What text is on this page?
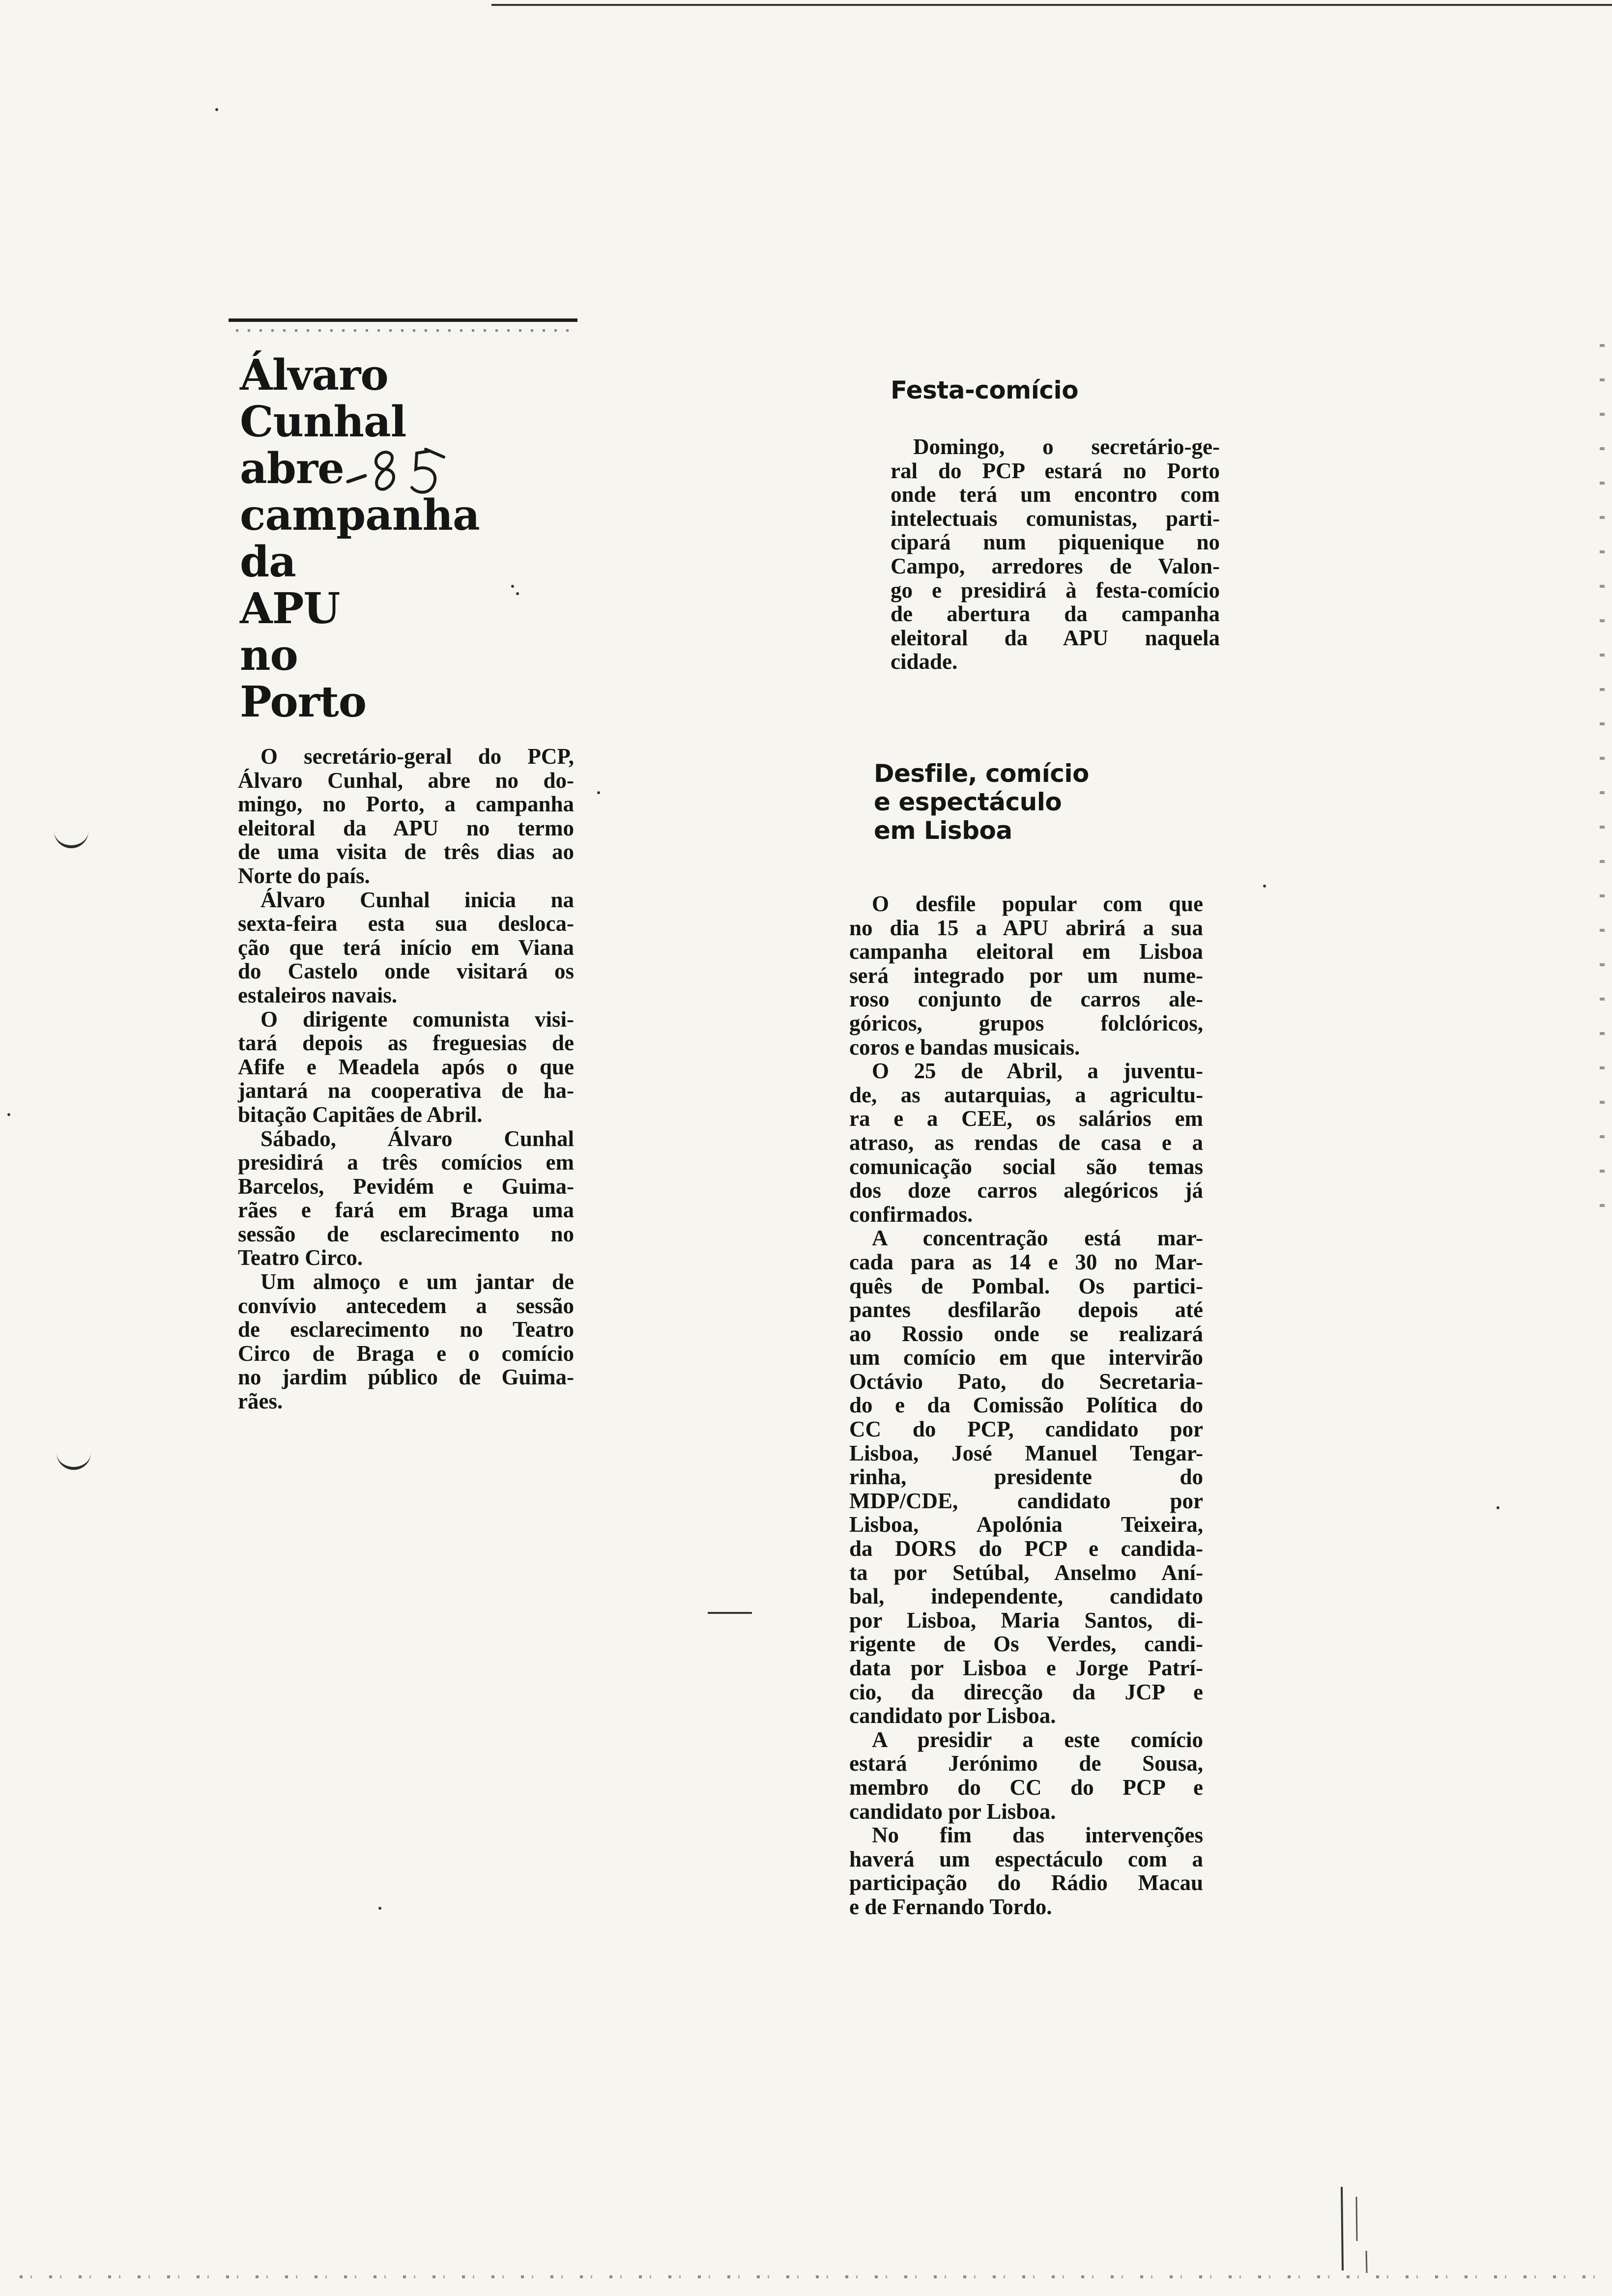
Álvaro
Cunhal
abre
campanha
da
APU
no
Porto
O secretário-geral do PCP,
Álvaro Cunhal, abre no do-
mingo, no Porto, a campanha
eleitoral da APU no termo
de uma visita de três dias ao
Norte do país.
Álvaro Cunhal inicia na
sexta-feira esta sua desloca-
ção que terá início em Viana
do Castelo onde visitará os
estaleiros navais.
O dirigente comunista visi-
tará depois as freguesias de
Afife e Meadela após o que
jantará na cooperativa de ha-
bitação Capitães de Abril.
Sábado, Álvaro Cunhal
presidirá a três comícios em
Barcelos, Pevidém e Guima-
rães e fará em Braga uma
sessão de esclarecimento no
Teatro Circo.
Um almoço e um jantar de
convívio antecedem a sessão
de esclarecimento no Teatro
Circo de Braga e o comício
no jardim público de Guima-
rães.
Festa-comício
Domingo, o secretário-ge-
ral do PCP estará no Porto
onde terá um encontro com
intelectuais comunistas, parti-
cipará num piquenique no
Campo, arredores de Valon-
go e presidirá à festa-comício
de abertura da campanha
eleitoral da APU naquela
cidade.
Desfile, comício
e espectáculo
em Lisboa
O desfile popular com que
no dia 15 a APU abrirá a sua
campanha eleitoral em Lisboa
será integrado por um nume-
roso conjunto de carros ale-
góricos, grupos folclóricos,
coros e bandas musicais.
O 25 de Abril, a juventu-
de, as autarquias, a agricultu-
ra e a CEE, os salários em
atraso, as rendas de casa e a
comunicação social são temas
dos doze carros alegóricos já
confirmados.
A concentração está mar-
cada para as 14 e 30 no Mar-
quês de Pombal. Os partici-
pantes desfilarão depois até
ao Rossio onde se realizará
um comício em que intervirão
Octávio Pato, do Secretaria-
do e da Comissão Política do
CC do PCP, candidato por
Lisboa, José Manuel Tengar-
rinha, presidente do
MDP/CDE, candidato por
Lisboa, Apolónia Teixeira,
da DORS do PCP e candida-
ta por Setúbal, Anselmo Aní-
bal, independente, candidato
por Lisboa, Maria Santos, di-
rigente de Os Verdes, candi-
data por Lisboa e Jorge Patrí-
cio, da direcção da JCP e
candidato por Lisboa.
A presidir a este comício
estará Jerónimo de Sousa,
membro do CC do PCP e
candidato por Lisboa.
No fim das intervenções
haverá um espectáculo com a
participação do Rádio Macau
e de Fernando Tordo.
